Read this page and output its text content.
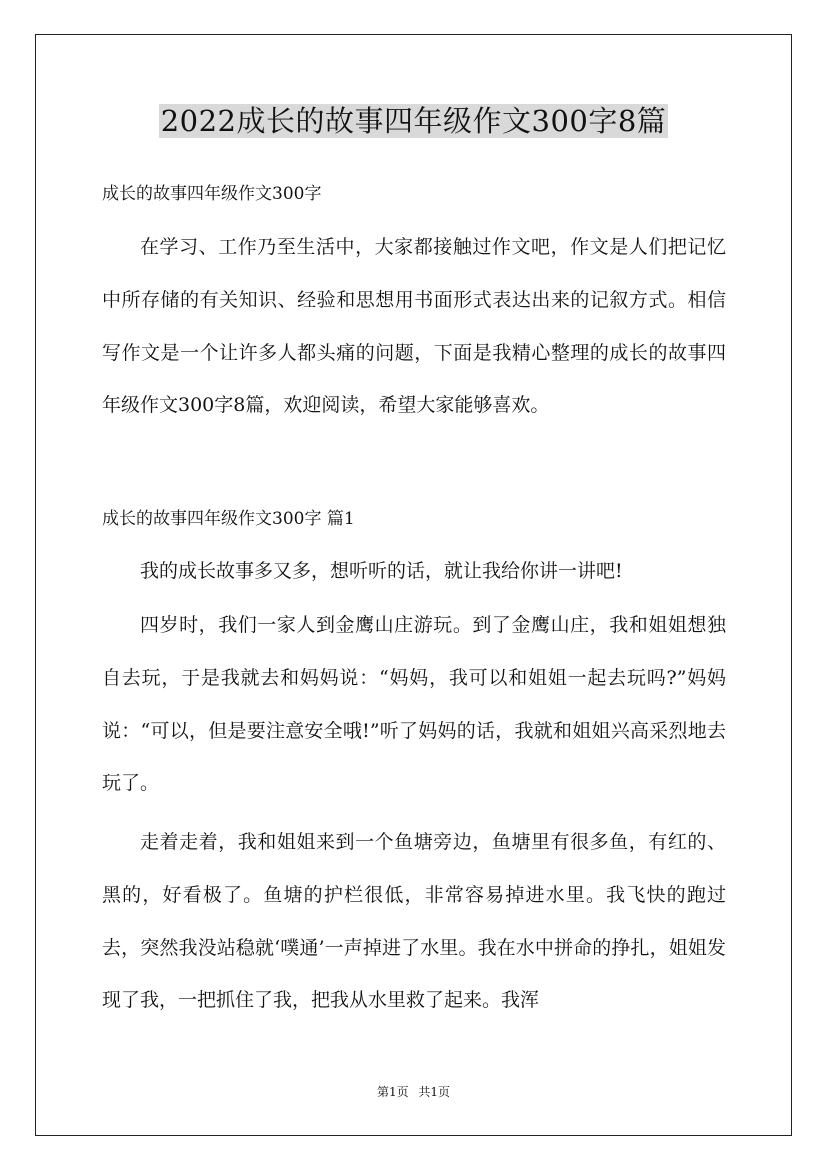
2022成长的故事四年级作文300字8篇

成长的故事四年级作文300字

在学习、工作乃至生活中，大家都接触过作文吧，作文是人们把记忆中所存储的有关知识、经验和思想用书面形式表达出来的记叙方式。相信写作文是一个让许多人都头痛的问题，下面是我精心整理的成长的故事四年级作文300字8篇，欢迎阅读，希望大家能够喜欢。

成长的故事四年级作文300字 篇1

我的成长故事多又多，想听听的话，就让我给你讲一讲吧!

四岁时，我们一家人到金鹰山庄游玩。到了金鹰山庄，我和姐姐想独自去玩，于是我就去和妈妈说：“妈妈，我可以和姐姐一起去玩吗?”妈妈说：“可以，但是要注意安全哦!”听了妈妈的话，我就和姐姐兴高采烈地去玩了。

走着走着，我和姐姐来到一个鱼塘旁边，鱼塘里有很多鱼，有红的、黑的，好看极了。鱼塘的护栏很低，非常容易掉进水里。我飞快的跑过去，突然我没站稳就‘噗通’一声掉进了水里。我在水中拼命的挣扎，姐姐发现了我，一把抓住了我，把我从水里救了起来。我浑

第1页 共1页
